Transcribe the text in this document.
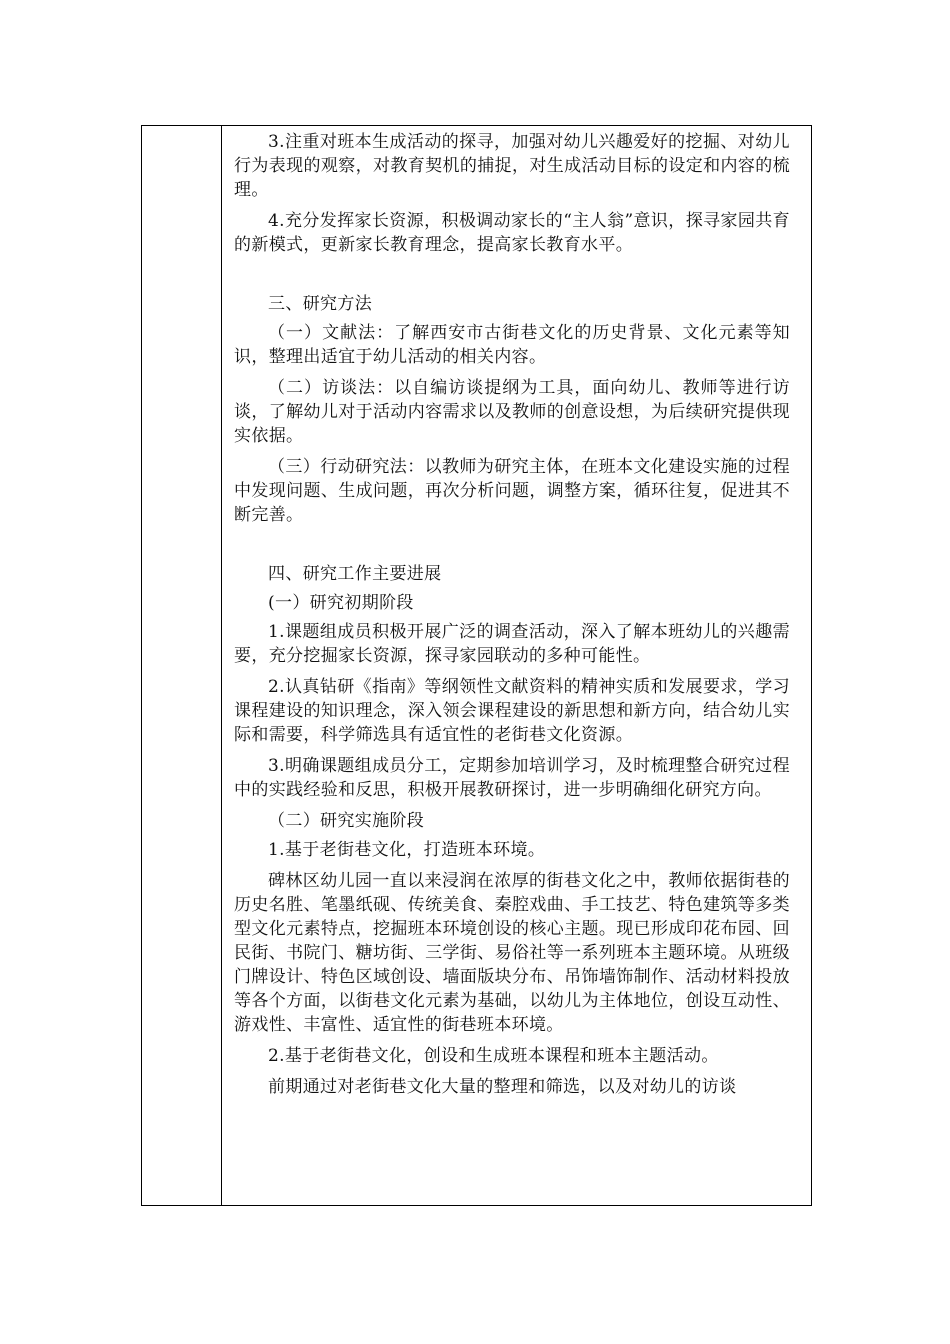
3.注重对班本生成活动的探寻，加强对幼儿兴趣爱好的挖掘、对幼儿行为表现的观察，对教育契机的捕捉，对生成活动目标的设定和内容的梳理。

4.充分发挥家长资源，积极调动家长的“主人翁”意识，探寻家园共育的新模式，更新家长教育理念，提高家长教育水平。

三、研究方法

（一）文献法：了解西安市古街巷文化的历史背景、文化元素等知识，整理出适宜于幼儿活动的相关内容。

（二）访谈法：以自编访谈提纲为工具，面向幼儿、教师等进行访谈，了解幼儿对于活动内容需求以及教师的创意设想，为后续研究提供现实依据。

（三）行动研究法：以教师为研究主体，在班本文化建设实施的过程中发现问题、生成问题，再次分析问题，调整方案，循环往复，促进其不断完善。

四、研究工作主要进展

(一）研究初期阶段

1.课题组成员积极开展广泛的调查活动，深入了解本班幼儿的兴趣需要，充分挖掘家长资源，探寻家园联动的多种可能性。

2.认真钻研《指南》等纲领性文献资料的精神实质和发展要求，学习课程建设的知识理念，深入领会课程建设的新思想和新方向，结合幼儿实际和需要，科学筛选具有适宜性的老街巷文化资源。

3.明确课题组成员分工，定期参加培训学习，及时梳理整合研究过程中的实践经验和反思，积极开展教研探讨，进一步明确细化研究方向。

（二）研究实施阶段

1.基于老街巷文化，打造班本环境。

碑林区幼儿园一直以来浸润在浓厚的街巷文化之中，教师依据街巷的历史名胜、笔墨纸砚、传统美食、秦腔戏曲、手工技艺、特色建筑等多类型文化元素特点，挖掘班本环境创设的核心主题。现已形成印花布园、回民街、书院门、糖坊街、三学街、易俗社等一系列班本主题环境。从班级门牌设计、特色区域创设、墙面版块分布、吊饰墙饰制作、活动材料投放等各个方面，以街巷文化元素为基础，以幼儿为主体地位，创设互动性、游戏性、丰富性、适宜性的街巷班本环境。

2.基于老街巷文化，创设和生成班本课程和班本主题活动。

前期通过对老街巷文化大量的整理和筛选，以及对幼儿的访谈
